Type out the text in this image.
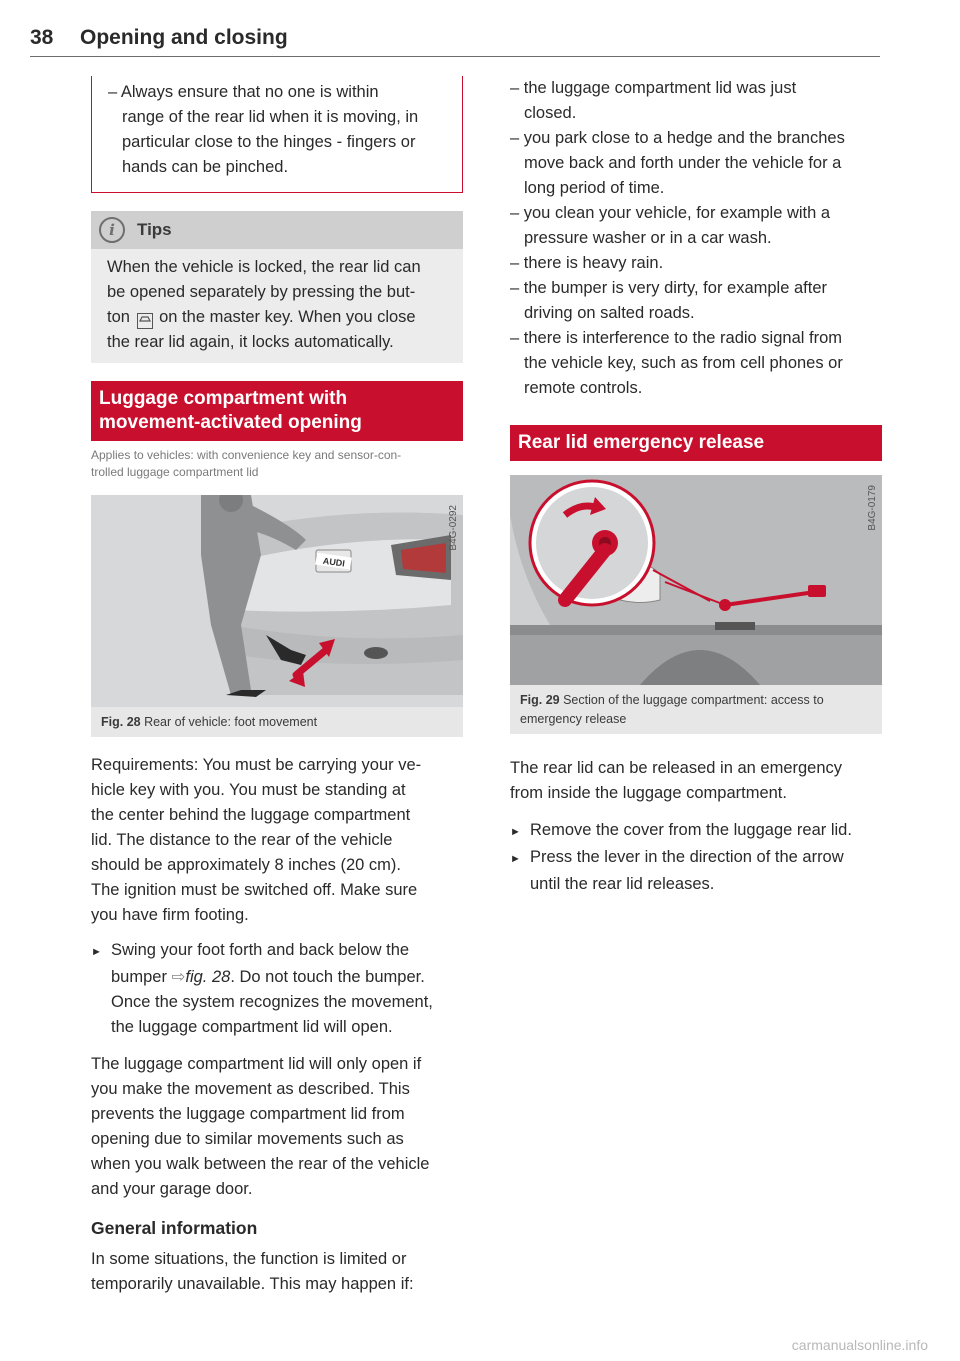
38 Opening and closing
– Always ensure that no one is within
range of the rear lid when it is moving, in
particular close to the hinges - fingers or
hands can be pinched.
i	Tips
When the vehicle is locked, the rear lid can
be opened separately by pressing the but-
ton on the master key. When you close
the rear lid again, it locks automatically.
Luggage compartment with movement-activated opening
Applies to vehicles: with convenience key and sensor-con-
trolled luggage compartment lid
AUDI
B4G-0292
Fig. 28 Rear of vehicle: foot movement
Requirements: You must be carrying your ve-
hicle key with you. You must be standing at
the center behind the luggage compartment
lid. The distance to the rear of the vehicle
should be approximately 8 inches (20 cm).
The ignition must be switched off. Make sure
you have firm footing.
► Swing your foot forth and back below the
bumper ⇨fig. 28. Do not touch the bumper.
Once the system recognizes the movement,
the luggage compartment lid will open.
The luggage compartment lid will only open if
you make the movement as described. This
prevents the luggage compartment lid from
opening due to similar movements such as
when you walk between the rear of the vehicle
and your garage door.
General information
In some situations, the function is limited or
temporarily unavailable. This may happen if:
– the luggage compartment lid was just
closed.
– you park close to a hedge and the branches
move back and forth under the vehicle for a
long period of time.
– you clean your vehicle, for example with a
pressure washer or in a car wash.
– there is heavy rain.
– the bumper is very dirty, for example after
driving on salted roads.
– there is interference to the radio signal from
the vehicle key, such as from cell phones or
remote controls.
Rear lid emergency release
B4G-0179
Fig. 29 Section of the luggage compartment: access to
emergency release
The rear lid can be released in an emergency
from inside the luggage compartment.
► Remove the cover from the luggage rear lid.
► Press the lever in the direction of the arrow
until the rear lid releases.
carmanualsonline.info
